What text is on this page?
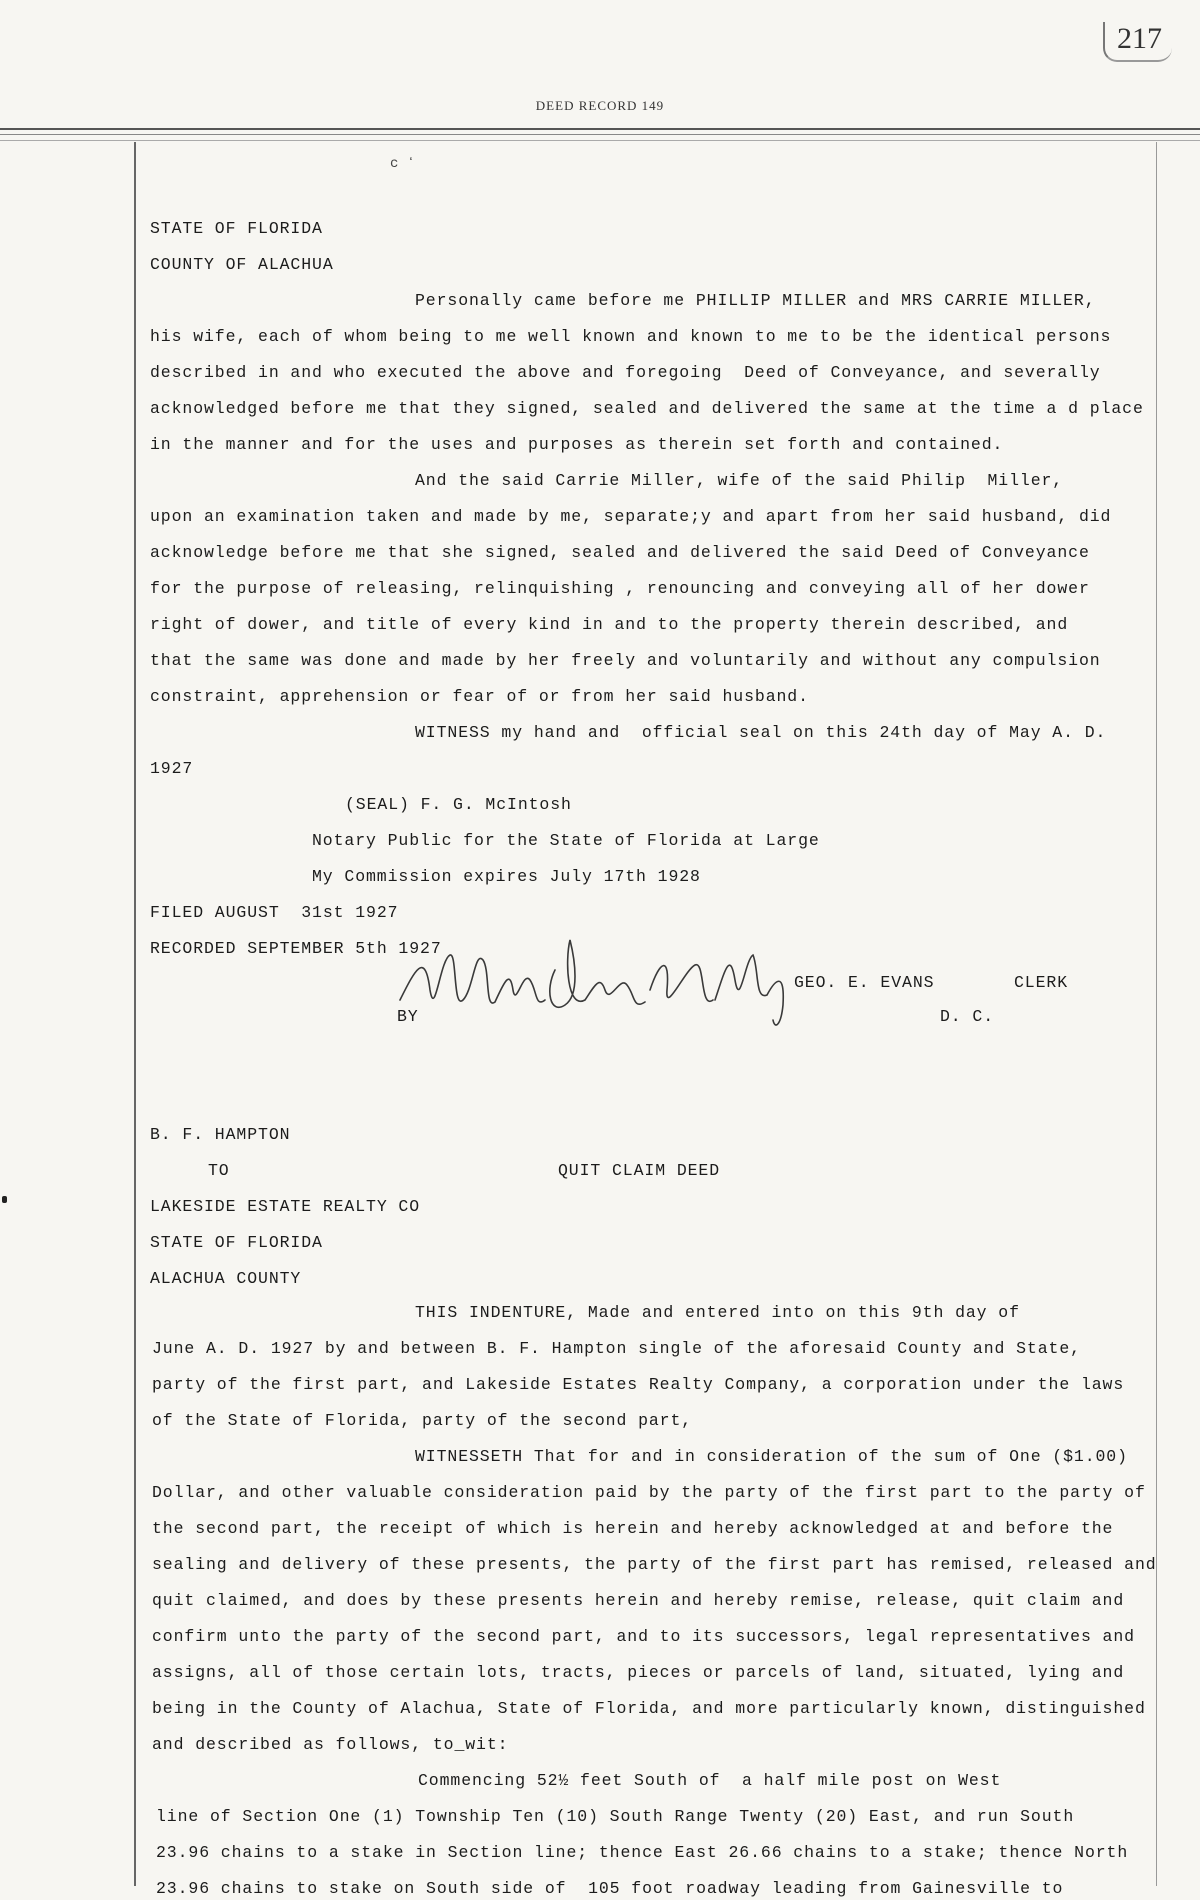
217
DEED RECORD 149
c ʻ
STATE OF FLORIDA
COUNTY OF ALACHUA
Personally came before me PHILLIP MILLER and MRS CARRIE MILLER,
his wife, each of whom being to me well known and known to me to be the identical persons
described in and who executed the above and foregoing  Deed of Conveyance, and severally
acknowledged before me that they signed, sealed and delivered the same at the time a d place
in the manner and for the uses and purposes as therein set forth and contained.
And the said Carrie Miller, wife of the said Philip  Miller,
upon an examination taken and made by me, separate;y and apart from her said husband, did
acknowledge before me that she signed, sealed and delivered the said Deed of Conveyance
for the purpose of releasing, relinquishing , renouncing and conveying all of her dower
right of dower, and title of every kind in and to the property therein described, and
that the same was done and made by her freely and voluntarily and without any compulsion
constraint, apprehension or fear of or from her said husband.
WITNESS my hand and  official seal on this 24th day of May A. D.
1927
(SEAL) F. G. McIntosh
Notary Public for the State of Florida at Large
My Commission expires July 17th 1928
FILED AUGUST  31st 1927
RECORDED SEPTEMBER 5th 1927
GEO. E. EVANS	CLERK
BY	D. C.
B. F. HAMPTON
TO	QUIT CLAIM DEED
LAKESIDE ESTATE REALTY CO
STATE OF FLORIDA
ALACHUA COUNTY
THIS INDENTURE, Made and entered into on this 9th day of
June A. D. 1927 by and between B. F. Hampton single of the aforesaid County and State,
party of the first part, and Lakeside Estates Realty Company, a corporation under the laws
of the State of Florida, party of the second part,
WITNESSETH That for and in consideration of the sum of One ($1.00)
Dollar, and other valuable consideration paid by the party of the first part to the party of
the second part, the receipt of which is herein and hereby acknowledged at and before the
sealing and delivery of these presents, the party of the first part has remised, released and
quit claimed, and does by these presents herein and hereby remise, release, quit claim and
confirm unto the party of the second part, and to its successors, legal representatives and
assigns, all of those certain lots, tracts, pieces or parcels of land, situated, lying and
being in the County of Alachua, State of Florida, and more particularly known, distinguished
and described as follows, to_wit:
Commencing 52½ feet South of  a half mile post on West
line of Section One (1) Township Ten (10) South Range Twenty (20) East, and run South
23.96 chains to a stake in Section line; thence East 26.66 chains to a stake; thence North
23.96 chains to stake on South side of  105 foot roadway leading from Gainesville to
